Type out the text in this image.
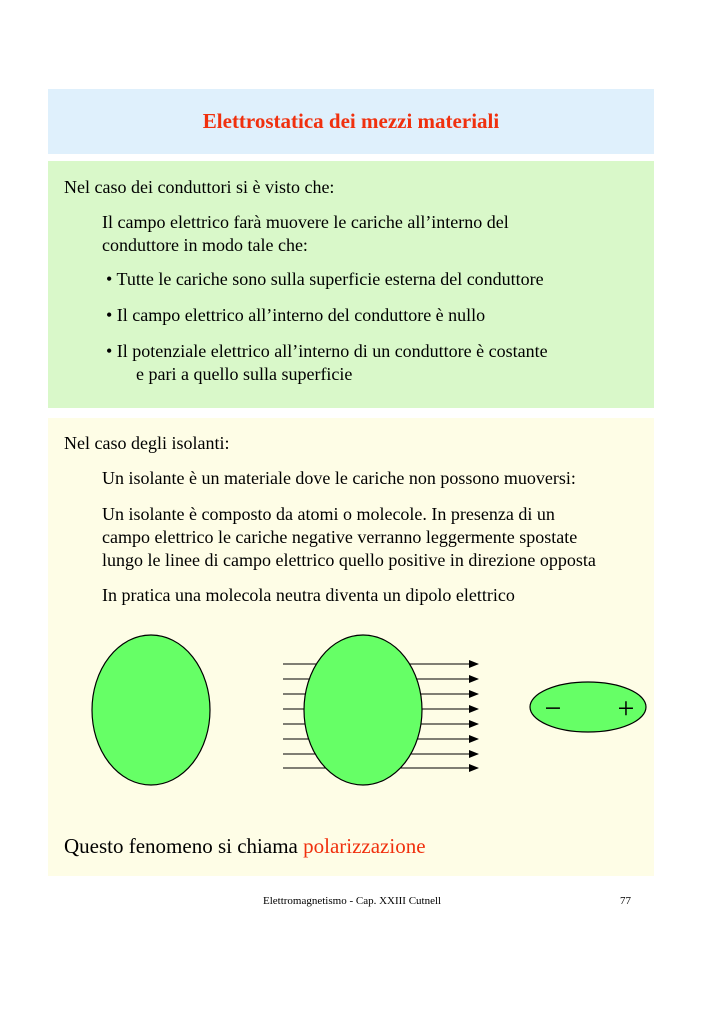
Elettrostatica dei mezzi materiali
Nel caso dei conduttori si è visto che:
Il campo elettrico farà muovere le cariche all’interno del
conduttore in modo tale che:
• Tutte le cariche sono sulla superficie esterna del conduttore
• Il campo elettrico all’interno del conduttore è nullo
• Il potenziale elettrico all’interno di un conduttore è costante
e pari a quello sulla superficie
Nel caso degli isolanti:
Un isolante è un materiale dove le cariche non possono muoversi:
Un isolante è composto da atomi o molecole. In presenza di un
campo elettrico le cariche negative verranno leggermente spostate
lungo le linee di campo elettrico quello positive in direzione opposta
In pratica una molecola neutra diventa un dipolo elettrico
− +
Questo fenomeno si chiama polarizzazione
Elettromagnetismo - Cap. XXIII Cutnell	77
